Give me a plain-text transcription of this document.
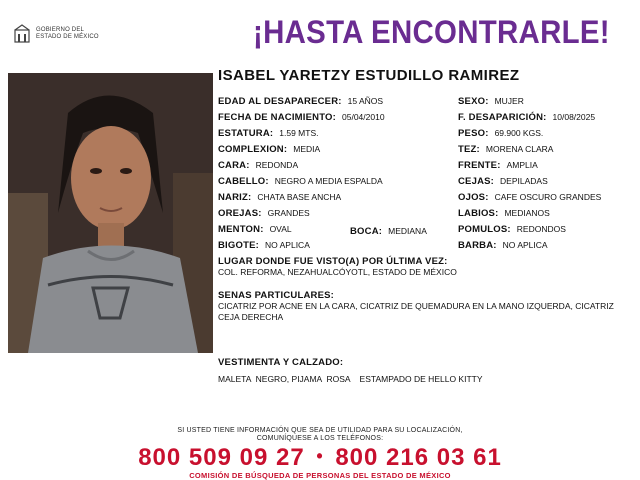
GOBIERNO DEL
ESTADO DE MÉXICO	¡HASTA ENCONTRARLE!
ISABEL YARETZY ESTUDILLO RAMIREZ
EDAD AL DESAPARECER: 15 AÑOS
FECHA DE NACIMIENTO: 05/04/2010
ESTATURA: 1.59 MTS.
COMPLEXION: MEDIA
CARA: REDONDA
CABELLO: NEGRO A MEDIA ESPALDA
NARIZ: CHATA BASE ANCHA
OREJAS: GRANDES
MENTON: OVAL	BOCA: MEDIANA
BIGOTE: NO APLICA
SEXO: MUJER
F. DESAPARICIÓN: 10/08/2025
PESO: 69.900 KGS.
TEZ: MORENA CLARA
FRENTE: AMPLIA
CEJAS: DEPILADAS
OJOS: CAFE OSCURO GRANDES
LABIOS: MEDIANOS
POMULOS: REDONDOS
BARBA: NO APLICA
LUGAR DONDE FUE VISTO(A) POR ÚLTIMA VEZ:
COL. REFORMA, NEZAHUALCÓYOTL, ESTADO DE MÉXICO
SENAS PARTICULARES:
CICATRIZ POR ACNE EN LA CARA, CICATRIZ DE QUEMADURA EN LA MANO IZQUERDA, CICATRIZ CEJA DERECHA
VESTIMENTA Y CALZADO:
MALETA  NEGRO, PIJAMA  ROSA    ESTAMPADO DE HELLO KITTY
SI USTED TIENE INFORMACIÓN QUE SEA DE UTILIDAD PARA SU LOCALIZACIÓN,
COMUNÍQUESE A LOS TELÉFONOS:
800 509 09 27 • 800 216 03 61
COMISIÓN DE BÚSQUEDA DE PERSONAS DEL ESTADO DE MÉXICO
